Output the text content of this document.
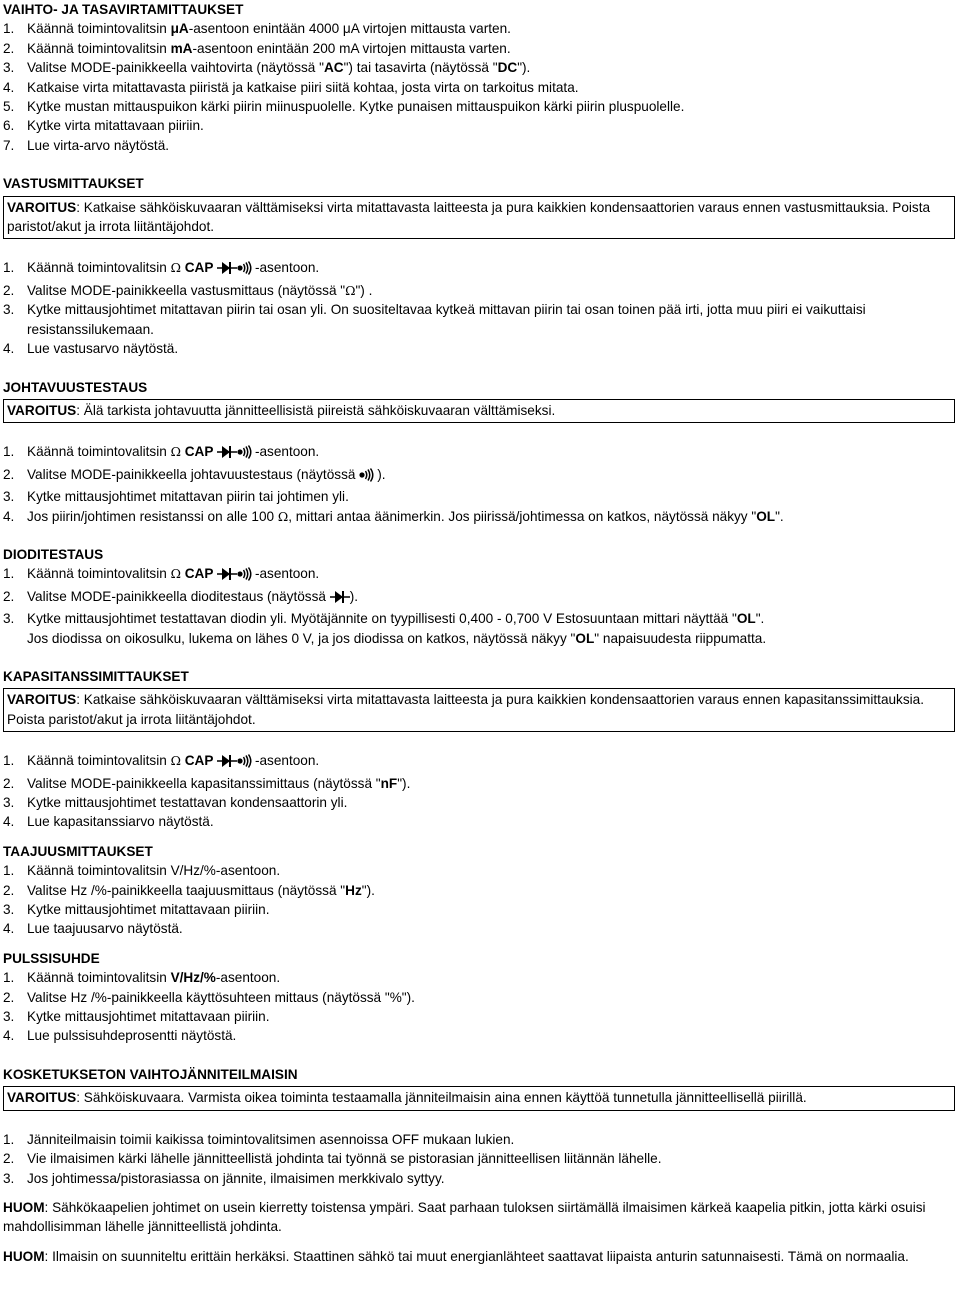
VAIHTO- JA TASAVIRTAMITTAUKSET

1. Käännä toimintovalitsin μA-asentoon enintään 4000 μA virtojen mittausta varten.
2. Käännä toimintovalitsin mA-asentoon enintään 200 mA virtojen mittausta varten.
3. Valitse MODE-painikkeella vaihtovirta (näytössä "AC") tai tasavirta (näytössä "DC").
4. Katkaise virta mitattavasta piiristä ja katkaise piiri siitä kohtaa, josta virta on tarkoitus mitata.
5. Kytke mustan mittauspuikon kärki piirin miinuspuolelle. Kytke punaisen mittauspuikon kärki piirin pluspuolelle.
6. Kytke virta mitattavaan piiriin.
7. Lue virta-arvo näytöstä.

VASTUSMITTAUKSET

VAROITUS: Katkaise sähköiskuvaaran välttämiseksi virta mitattavasta laitteesta ja pura kaikkien kondensaattorien varaus ennen vastusmittauksia. Poista paristot/akut ja irrota liitäntäjohdot.
1. Käännä toimintovalitsin Ω CAP	-asentoon.
2. Valitse MODE-painikkeella vastusmittaus (näytössä "Ω") .
3. Kytke mittausjohtimet mitattavan piirin tai osan yli. On suositeltavaa kytkeä mittavan piirin tai osan toinen pää irti, jotta muu piiri ei vaikuttaisi resistanssilukemaan.
4. Lue vastusarvo näytöstä.

JOHTAVUUSTESTAUS

VAROITUS: Älä tarkista johtavuutta jännitteellisistä piireistä sähköiskuvaaran välttämiseksi.
1. Käännä toimintovalitsin Ω CAP	-asentoon.
2. Valitse MODE-painikkeella johtavuustestaus (näytössä ).
3. Kytke mittausjohtimet mitattavan piirin tai johtimen yli.
4. Jos piirin/johtimen resistanssi on alle 100 Ω, mittari antaa äänimerkin. Jos piirissä/johtimessa on katkos, näytössä näkyy "OL".

DIODITESTAUS

1. Käännä toimintovalitsin Ω CAP	-asentoon.
2. Valitse MODE-painikkeella dioditestaus (näytössä ).
3. Kytke mittausjohtimet testattavan diodin yli. Myötäjännite on tyypillisesti 0,400 - 0,700 V Estosuuntaan mittari näyttää "OL".
Jos diodissa on oikosulku, lukema on lähes 0 V, ja jos diodissa on katkos, näytössä näkyy "OL" napaisuudesta riippumatta.

KAPASITANSSIMITTAUKSET

VAROITUS: Katkaise sähköiskuvaaran välttämiseksi virta mitattavasta laitteesta ja pura kaikkien kondensaattorien varaus ennen kapasitanssimittauksia. Poista paristot/akut ja irrota liitäntäjohdot.
1. Käännä toimintovalitsin Ω CAP	-asentoon.
2. Valitse MODE-painikkeella kapasitanssimittaus (näytössä "nF").
3. Kytke mittausjohtimet testattavan kondensaattorin yli.
4. Lue kapasitanssiarvo näytöstä.

TAAJUUSMITTAUKSET

1. Käännä toimintovalitsin V/Hz/%-asentoon.
2. Valitse Hz /%-painikkeella taajuusmittaus (näytössä "Hz").
3. Kytke mittausjohtimet mitattavaan piiriin.
4. Lue taajuusarvo näytöstä.

PULSSISUHDE

1. Käännä toimintovalitsin V/Hz/%-asentoon.
2. Valitse Hz /%-painikkeella käyttösuhteen mittaus (näytössä "%").
3. Kytke mittausjohtimet mitattavaan piiriin.
4. Lue pulssisuhdeprosentti näytöstä.

KOSKETUKSETON VAIHTOJÄNNITEILMAISIN

VAROITUS: Sähköiskuvaara. Varmista oikea toiminta testaamalla jänniteilmaisin aina ennen käyttöä tunnetulla jännitteellisellä piirillä.
1. Jänniteilmaisin toimii kaikissa toimintovalitsimen asennoissa OFF mukaan lukien.
2. Vie ilmaisimen kärki lähelle jännitteellistä johdinta tai työnnä se pistorasian jännitteellisen liitännän lähelle.
3. Jos johtimessa/pistorasiassa on jännite, ilmaisimen merkkivalo syttyy.

HUOM: Sähkökaapelien johtimet on usein kierretty toistensa ympäri. Saat parhaan tuloksen siirtämällä ilmaisimen kärkeä kaapelia pitkin, jotta kärki osuisi mahdollisimman lähelle jännitteellistä johdinta.

HUOM: Ilmaisin on suunniteltu erittäin herkäksi. Staattinen sähkö tai muut energianlähteet saattavat liipaista anturin satunnaisesti. Tämä on normaalia.
